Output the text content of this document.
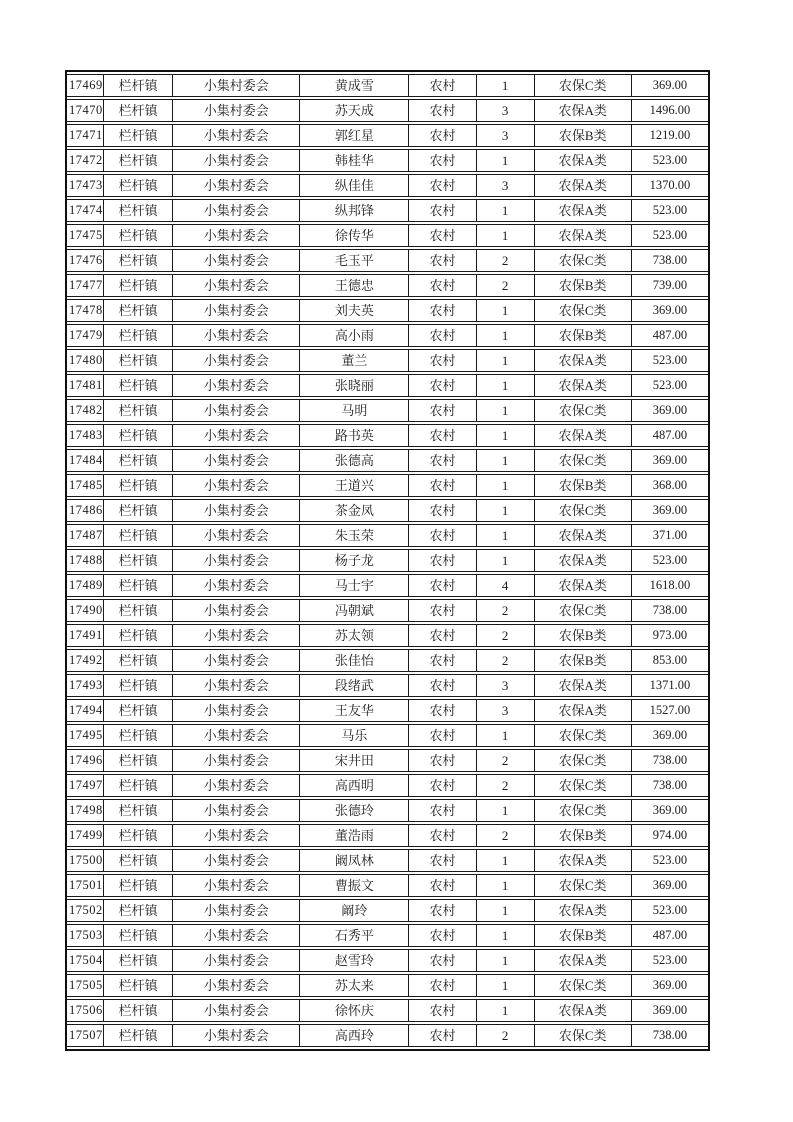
17469	栏杆镇	小集村委会	黄成雪	农村	1	农保C类	369.00
17470	栏杆镇	小集村委会	苏天成	农村	3	农保A类	1496.00
17471	栏杆镇	小集村委会	郭红星	农村	3	农保B类	1219.00
17472	栏杆镇	小集村委会	韩桂华	农村	1	农保A类	523.00
17473	栏杆镇	小集村委会	纵佳佳	农村	3	农保A类	1370.00
17474	栏杆镇	小集村委会	纵邦锋	农村	1	农保A类	523.00
17475	栏杆镇	小集村委会	徐传华	农村	1	农保A类	523.00
17476	栏杆镇	小集村委会	毛玉平	农村	2	农保C类	738.00
17477	栏杆镇	小集村委会	王德忠	农村	2	农保B类	739.00
17478	栏杆镇	小集村委会	刘夫英	农村	1	农保C类	369.00
17479	栏杆镇	小集村委会	高小雨	农村	1	农保B类	487.00
17480	栏杆镇	小集村委会	董兰	农村	1	农保A类	523.00
17481	栏杆镇	小集村委会	张晓丽	农村	1	农保A类	523.00
17482	栏杆镇	小集村委会	马明	农村	1	农保C类	369.00
17483	栏杆镇	小集村委会	路书英	农村	1	农保A类	487.00
17484	栏杆镇	小集村委会	张德高	农村	1	农保C类	369.00
17485	栏杆镇	小集村委会	王道兴	农村	1	农保B类	368.00
17486	栏杆镇	小集村委会	茶金凤	农村	1	农保C类	369.00
17487	栏杆镇	小集村委会	朱玉荣	农村	1	农保A类	371.00
17488	栏杆镇	小集村委会	杨子龙	农村	1	农保A类	523.00
17489	栏杆镇	小集村委会	马士宇	农村	4	农保A类	1618.00
17490	栏杆镇	小集村委会	冯朝斌	农村	2	农保C类	738.00
17491	栏杆镇	小集村委会	苏太领	农村	2	农保B类	973.00
17492	栏杆镇	小集村委会	张佳怡	农村	2	农保B类	853.00
17493	栏杆镇	小集村委会	段绪武	农村	3	农保A类	1371.00
17494	栏杆镇	小集村委会	王友华	农村	3	农保A类	1527.00
17495	栏杆镇	小集村委会	马乐	农村	1	农保C类	369.00
17496	栏杆镇	小集村委会	宋井田	农村	2	农保C类	738.00
17497	栏杆镇	小集村委会	高西明	农村	2	农保C类	738.00
17498	栏杆镇	小集村委会	张德玲	农村	1	农保C类	369.00
17499	栏杆镇	小集村委会	董浩雨	农村	2	农保B类	974.00
17500	栏杆镇	小集村委会	阚凤林	农村	1	农保A类	523.00
17501	栏杆镇	小集村委会	曹振文	农村	1	农保C类	369.00
17502	栏杆镇	小集村委会	阚玲	农村	1	农保A类	523.00
17503	栏杆镇	小集村委会	石秀平	农村	1	农保B类	487.00
17504	栏杆镇	小集村委会	赵雪玲	农村	1	农保A类	523.00
17505	栏杆镇	小集村委会	苏太来	农村	1	农保C类	369.00
17506	栏杆镇	小集村委会	徐怀庆	农村	1	农保A类	369.00
17507	栏杆镇	小集村委会	高西玲	农村	2	农保C类	738.00
